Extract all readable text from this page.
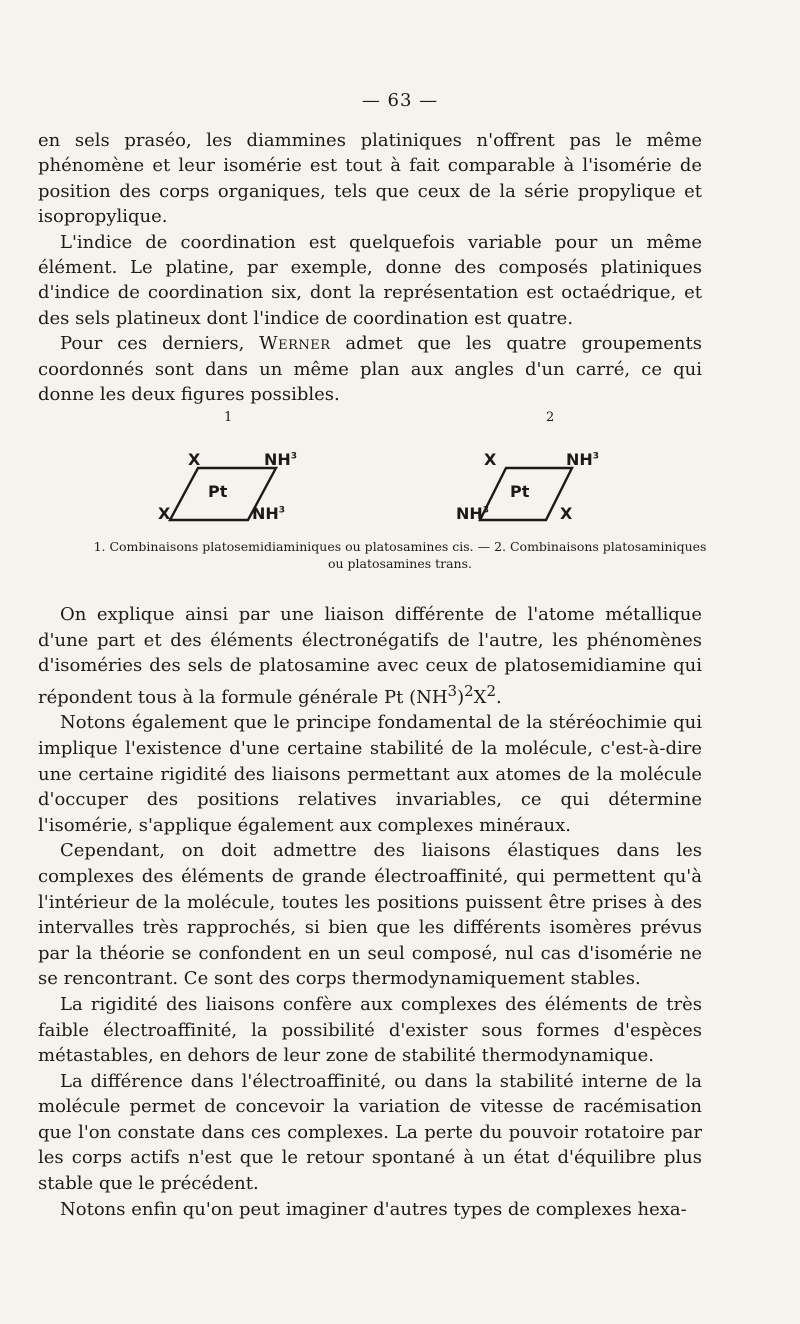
— 63 —

en sels praséo, les diammines platiniques n'offrent pas le même phénomène et leur isomérie est tout à fait comparable à l'isomérie de position des corps organiques, tels que ceux de la série propylique et isopropylique.

L'indice de coordination est quelquefois variable pour un même élément. Le platine, par exemple, donne des composés platiniques d'indice de coordination six, dont la représentation est octaédrique, et des sels platineux dont l'indice de coordination est quatre.

Pour ces derniers, Werner admet que les quatre groupements coordonnés sont dans un même plan aux angles d'un carré, ce qui donne les deux figures possibles.

1
X	$NH^3$
Pt
X	$NH^3$
2
X	$NH^3$
Pt
$NH^3$	X
1. Combinaisons platosemidiaminiques ou platosamines cis. — 2. Combinaisons platosaminiques
ou platosamines trans.

On explique ainsi par une liaison différente de l'atome métallique d'une part et des éléments électronégatifs de l'autre, les phénomènes d'isoméries des sels de platosamine avec ceux de platosemidiamine qui répondent tous à la formule générale Pt $(NH^3)^2X^2$.

Notons également que le principe fondamental de la stéréochimie qui implique l'existence d'une certaine stabilité de la molécule, c'est-à-dire une certaine rigidité des liaisons permettant aux atomes de la molécule d'occuper des positions relatives invariables, ce qui détermine l'isomérie, s'applique également aux complexes minéraux.

Cependant, on doit admettre des liaisons élastiques dans les complexes des éléments de grande électroaffinité, qui permettent qu'à l'intérieur de la molécule, toutes les positions puissent être prises à des intervalles très rapprochés, si bien que les différents isomères prévus par la théorie se confondent en un seul composé, nul cas d'isomérie ne se rencontrant. Ce sont des corps thermodynamiquement stables.

La rigidité des liaisons confère aux complexes des éléments de très faible électroaffinité, la possibilité d'exister sous formes d'espèces métastables, en dehors de leur zone de stabilité thermodynamique.

La différence dans l'électroaffinité, ou dans la stabilité interne de la molécule permet de concevoir la variation de vitesse de racémisation que l'on constate dans ces complexes. La perte du pouvoir rotatoire par les corps actifs n'est que le retour spontané à un état d'équilibre plus stable que le précédent.

Notons enfin qu'on peut imaginer d'autres types de complexes hexa-
